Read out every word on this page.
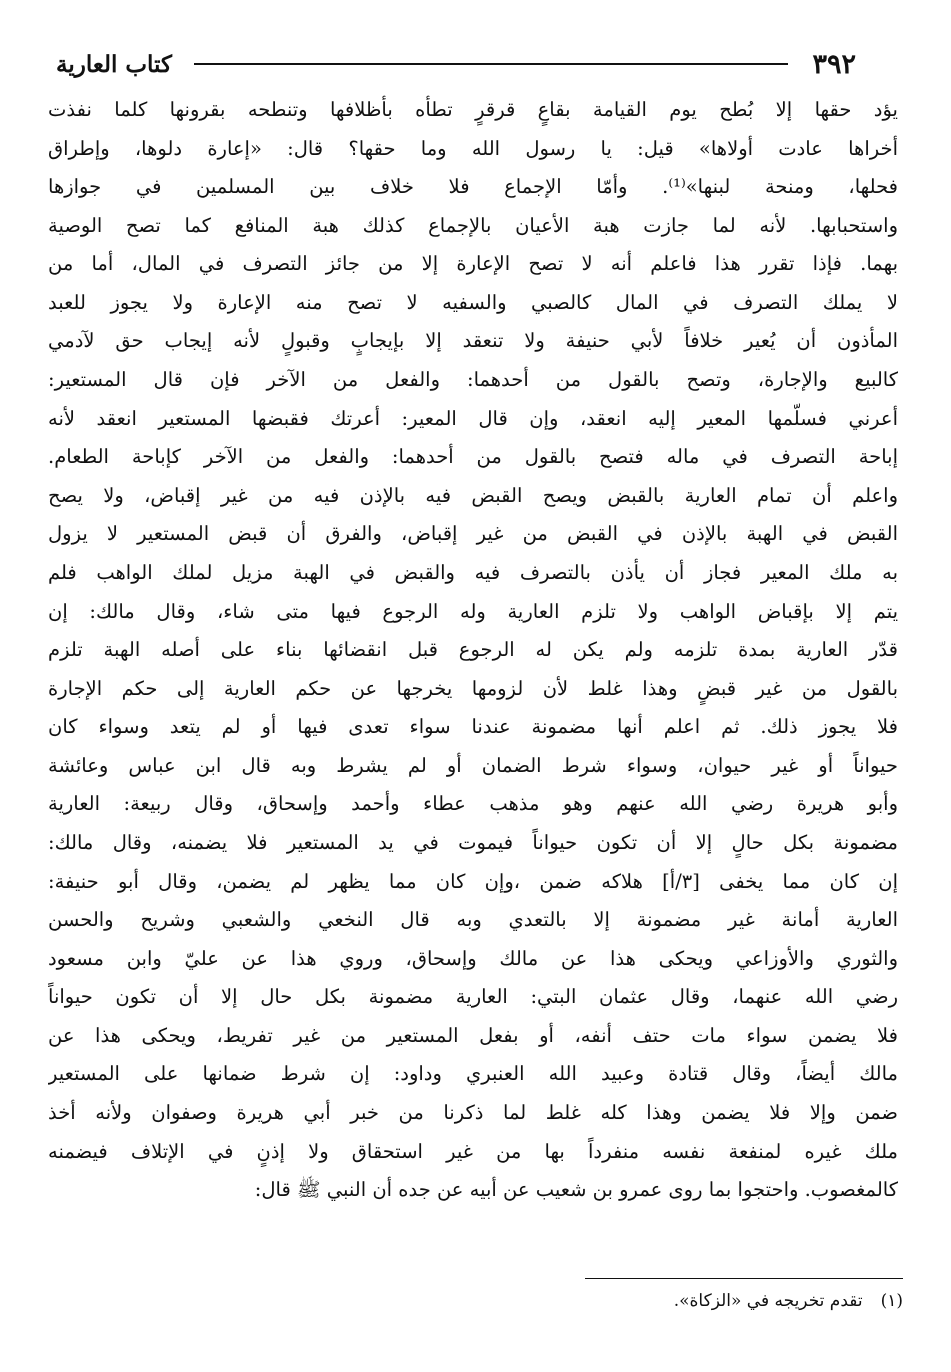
٣٩٢
كتاب العارية
يؤد حقها إلا بُطح يوم القيامة بقاعٍ قرقرٍ تطأه بأظلافها وتنطحه بقرونها كلما نفذت
أخراها عادت أولاها» قيل: يا رسول الله وما حقها؟ قال: «إعارة دلوها، وإطراق
فحلها، ومنحة لبنها»⁽¹⁾. وأمّا الإجماع فلا خلاف بين المسلمين في جوازها
واستحبابها. لأنه لما جازت هبة الأعيان بالإجماع كذلك هبة المنافع كما تصح الوصية
بهما. فإذا تقرر هذا فاعلم أنه لا تصح الإعارة إلا من جائز التصرف في المال، أما من
لا يملك التصرف في المال كالصبي والسفيه لا تصح منه الإعارة ولا يجوز للعبد
المأذون أن يُعير خلافاً لأبي حنيفة ولا تنعقد إلا بإيجابٍ وقبولٍ لأنه إيجاب حق لآدمي
كالبيع والإجارة، وتصح بالقول من أحدهما: والفعل من الآخر فإن قال المستعير:
أعرني فسلّمها المعير إليه انعقد، وإن قال المعير: أعرتك فقبضها المستعير انعقد لأنه
إباحة التصرف في ماله فتصح بالقول من أحدهما: والفعل من الآخر كإباحة الطعام.
واعلم أن تمام العارية بالقبض ويصح القبض فيه بالإذن فيه من غير إقباض، ولا يصح
القبض في الهبة بالإذن في القبض من غير إقباض، والفرق أن قبض المستعير لا يزول
به ملك المعير فجاز أن يأذن بالتصرف فيه والقبض في الهبة مزيل لملك الواهب فلم
يتم إلا بإقباض الواهب ولا تلزم العارية وله الرجوع فيها متى شاء، وقال مالك: إن
قدّر العارية بمدة تلزمه ولم يكن له الرجوع قبل انقضائها بناء على أصله الهبة تلزم
بالقول من غير قبضٍ وهذا غلط لأن لزومها يخرجها عن حكم العارية إلى حكم الإجارة
فلا يجوز ذلك. ثم اعلم أنها مضمونة عندنا سواء تعدى فيها أو لم يتعد وسواء كان
حيواناً أو غير حيوان، وسواء شرط الضمان أو لم يشرط وبه قال ابن عباس وعائشة
وأبو هريرة رضي الله عنهم وهو مذهب عطاء وأحمد وإسحاق، وقال ربيعة: العارية
مضمونة بكل حالٍ إلا أن تكون حيواناً فيموت في يد المستعير فلا يضمنه، وقال مالك:
إن كان مما يخفى [٣/أ] هلاكه ضمن ،وإن كان مما يظهر لم يضمن، وقال أبو حنيفة:
العارية أمانة غير مضمونة إلا بالتعدي وبه قال النخعي والشعبي وشريح والحسن
والثوري والأوزاعي ويحكى هذا عن مالك وإسحاق، وروي هذا عن عليّ وابن مسعود
رضي الله عنهما، وقال عثمان البتي: العارية مضمونة بكل حال إلا أن تكون حيواناً
فلا يضمن سواء مات حتف أنفه، أو بفعل المستعير من غير تفريط، ويحكى هذا عن
مالك أيضاً، وقال قتادة وعبيد الله العنبري وداود: إن شرط ضمانها على المستعير
ضمن وإلا فلا يضمن وهذا كله غلط لما ذكرنا من خبر أبي هريرة وصفوان ولأنه أخذ
ملك غيره لمنفعة نفسه منفرداً بها من غير استحقاق ولا إذنٍ في الإتلاف فيضمنه
كالمغصوب. واحتجوا بما روى عمرو بن شعيب عن أبيه عن جده أن النبي ﷺ قال:
(١)تقدم تخريجه في «الزكاة».
